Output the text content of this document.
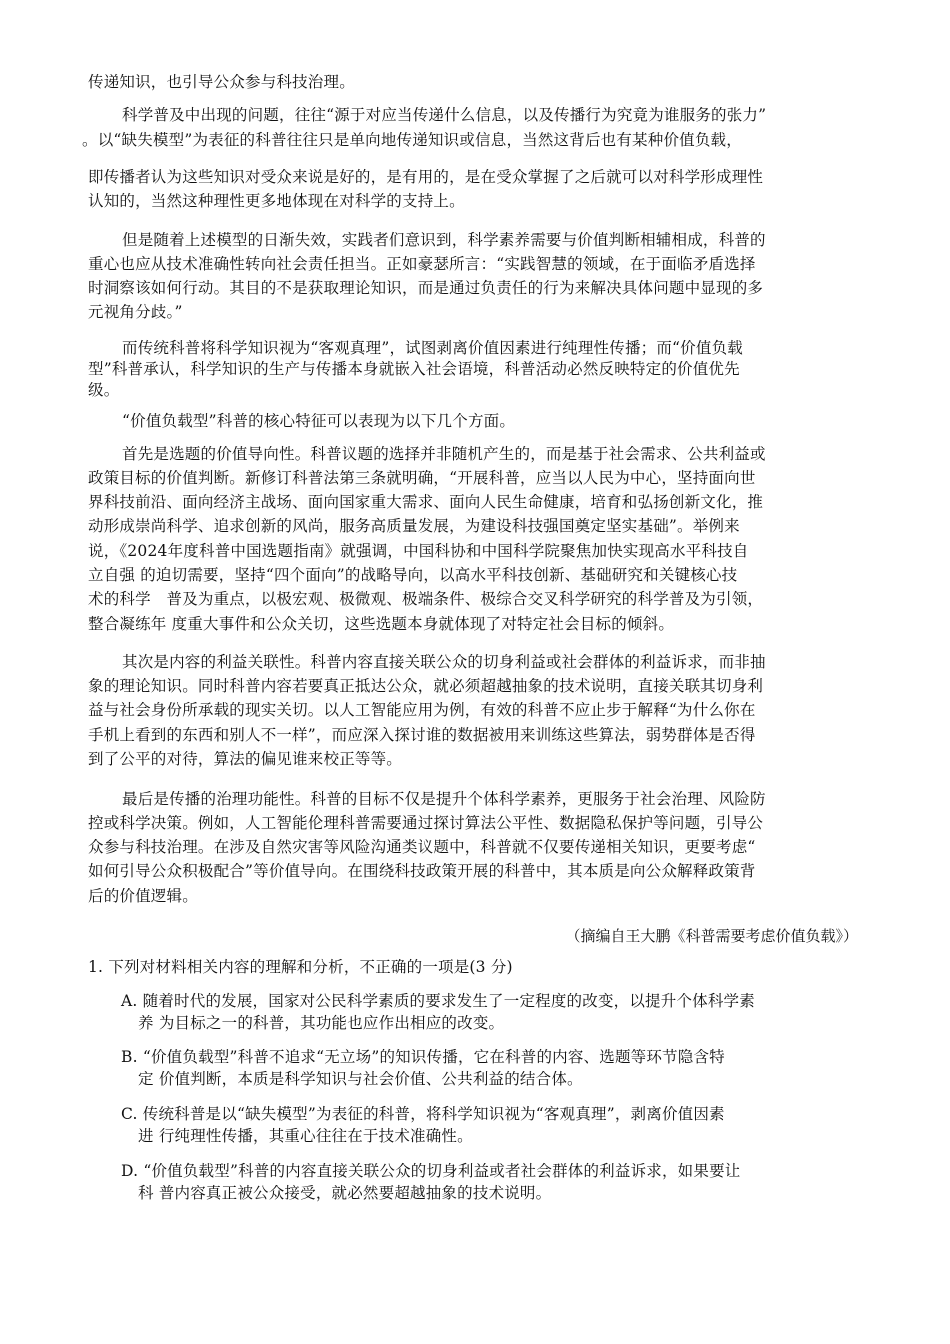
传递知识，也引导公众参与科技治理。
科学普及中出现的问题，往往“源于对应当传递什么信息，以及传播行为究竟为谁服务的张力”
。以“缺失模型”为表征的科普往往只是单向地传递知识或信息，当然这背后也有某种价值负载，
即传播者认为这些知识对受众来说是好的，是有用的，是在受众掌握了之后就可以对科学形成理性
认知的，当然这种理性更多地体现在对科学的支持上。
但是随着上述模型的日渐失效，实践者们意识到，科学素养需要与价值判断相辅相成，科普的
重心也应从技术准确性转向社会责任担当。正如豪瑟所言：“实践智慧的领域，在于面临矛盾选择
时洞察该如何行动。其目的不是获取理论知识，而是通过负责任的行为来解决具体问题中显现的多
元视角分歧。”
而传统科普将科学知识视为“客观真理”，试图剥离价值因素进行纯理性传播；而“价值负载
型”科普承认，科学知识的生产与传播本身就嵌入社会语境，科普活动必然反映特定的价值优先
级。
“价值负载型”科普的核心特征可以表现为以下几个方面。
首先是选题的价值导向性。科普议题的选择并非随机产生的，而是基于社会需求、公共利益或
政策目标的价值判断。新修订科普法第三条就明确，“开展科普，应当以人民为中心，坚持面向世
界科技前沿、面向经济主战场、面向国家重大需求、面向人民生命健康，培育和弘扬创新文化，推
动形成崇尚科学、追求创新的风尚，服务高质量发展，为建设科技强国奠定坚实基础”。举例来
说，《2024年度科普中国选题指南》就强调，中国科协和中国科学院聚焦加快实现高水平科技自
立自强 的迫切需要，坚持“四个面向”的战略导向，以高水平科技创新、基础研究和关键核心技
术的科学　普及为重点，以极宏观、极微观、极端条件、极综合交叉科学研究的科学普及为引领，
整合凝练年 度重大事件和公众关切，这些选题本身就体现了对特定社会目标的倾斜。
其次是内容的利益关联性。科普内容直接关联公众的切身利益或社会群体的利益诉求，而非抽
象的理论知识。同时科普内容若要真正抵达公众，就必须超越抽象的技术说明，直接关联其切身利
益与社会身份所承载的现实关切。以人工智能应用为例，有效的科普不应止步于解释“为什么你在
手机上看到的东西和别人不一样”，而应深入探讨谁的数据被用来训练这些算法，弱势群体是否得
到了公平的对待，算法的偏见谁来校正等等。
最后是传播的治理功能性。科普的目标不仅是提升个体科学素养，更服务于社会治理、风险防
控或科学决策。例如，人工智能伦理科普需要通过探讨算法公平性、数据隐私保护等问题，引导公
众参与科技治理。在涉及自然灾害等风险沟通类议题中，科普就不仅要传递相关知识，更要考虑“
如何引导公众积极配合”等价值导向。在围绕科技政策开展的科普中，其本质是向公众解释政策背
后的价值逻辑。
（摘编自王大鹏《科普需要考虑价值负载》）
1. 下列对材料相关内容的理解和分析，不正确的一项是(3 分)
A. 随着时代的发展，国家对公民科学素质的要求发生了一定程度的改变，以提升个体科学素
养 为目标之一的科普，其功能也应作出相应的改变。
B. “价值负载型”科普不追求“无立场”的知识传播，它在科普的内容、选题等环节隐含特
定 价值判断，本质是科学知识与社会价值、公共利益的结合体。
C. 传统科普是以“缺失模型”为表征的科普，将科学知识视为“客观真理”，剥离价值因素
进 行纯理性传播，其重心往往在于技术准确性。
D. “价值负载型”科普的内容直接关联公众的切身利益或者社会群体的利益诉求，如果要让
科 普内容真正被公众接受，就必然要超越抽象的技术说明。
